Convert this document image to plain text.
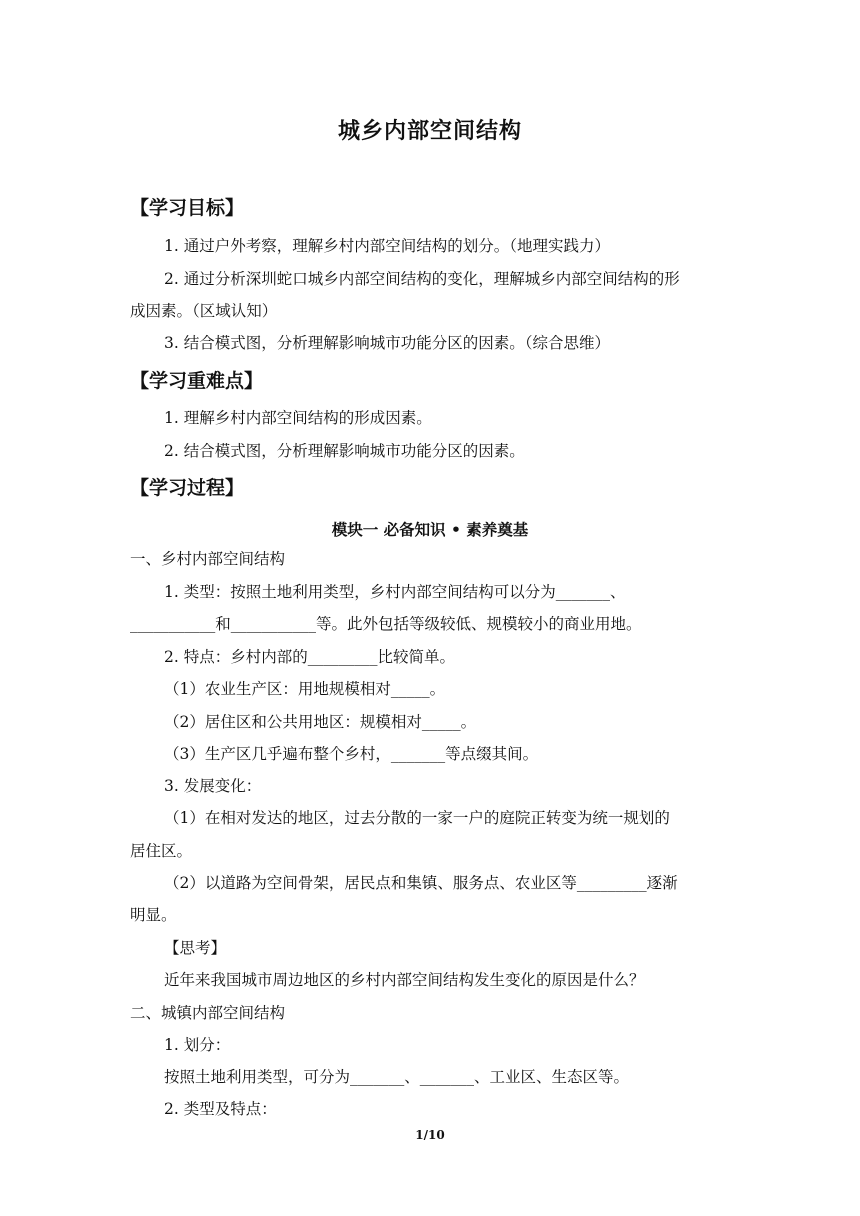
城乡内部空间结构
【学习目标】
1. 通过户外考察，理解乡村内部空间结构的划分。（地理实践力）
2. 通过分析深圳蛇口城乡内部空间结构的变化，理解城乡内部空间结构的形
成因素。（区域认知）
3. 结合模式图，分析理解影响城市功能分区的因素。（综合思维）
【学习重难点】
1. 理解乡村内部空间结构的形成因素。
2. 结合模式图，分析理解影响城市功能分区的因素。
【学习过程】
模块一 必备知识 • 素养奠基
一、乡村内部空间结构
1. 类型：按照土地利用类型，乡村内部空间结构可以分为_______、
___________和___________等。此外包括等级较低、规模较小的商业用地。
2. 特点：乡村内部的_________比较简单。
（1）农业生产区：用地规模相对_____。
（2）居住区和公共用地区：规模相对_____。
（3）生产区几乎遍布整个乡村，_______等点缀其间。
3. 发展变化：
（1）在相对发达的地区，过去分散的一家一户的庭院正转变为统一规划的
居住区。
（2）以道路为空间骨架，居民点和集镇、服务点、农业区等_________逐渐
明显。
【思考】
近年来我国城市周边地区的乡村内部空间结构发生变化的原因是什么？
二、城镇内部空间结构
1. 划分：
按照土地利用类型，可分为_______、_______、工业区、生态区等。
2. 类型及特点：
1/10
